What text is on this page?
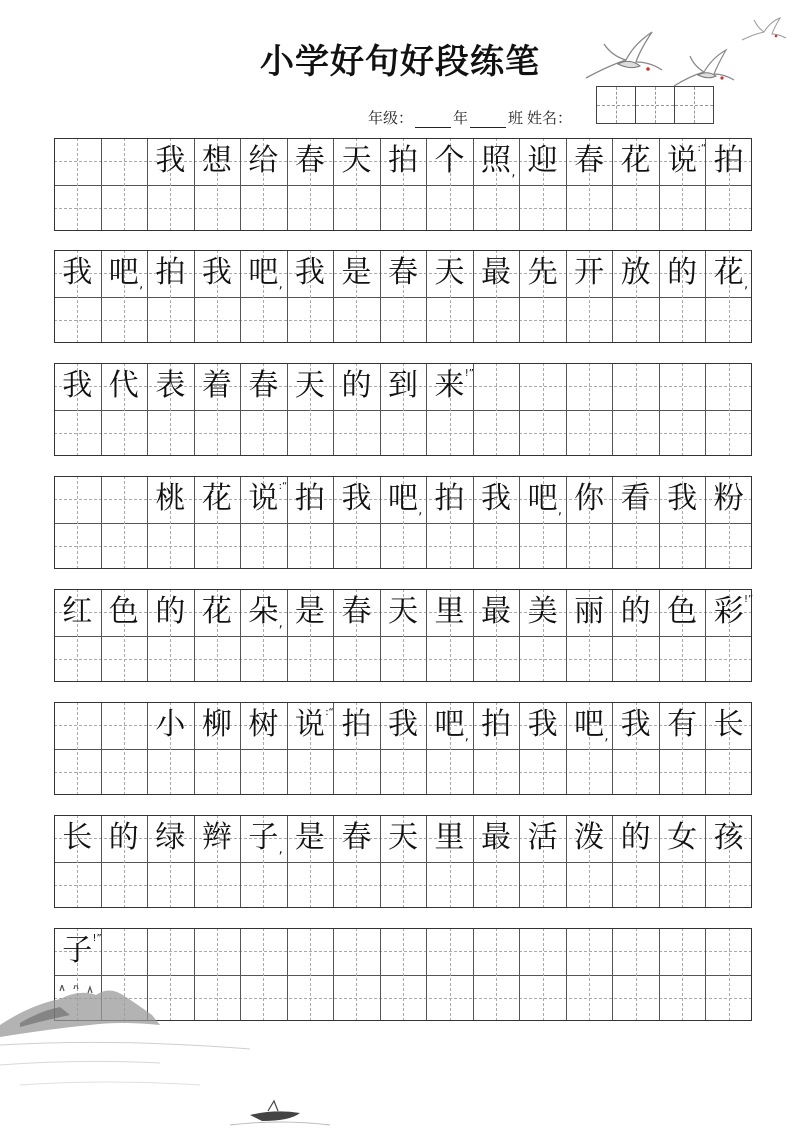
小学好句好段练笔
年级：	年	班 姓名：
我 想 给 春 天 拍 个 照 迎 春 花 说 拍
,
:“
我 吧 拍 我 吧 我 是 春 天 最 先 开 放 的 花
,	,	,
我 代 表 着 春 天 的 到 来 !”
桃 花 说 拍 我 吧 拍 我 吧 你 看 我 粉
:“
,	,
红 色 的 花 朵 是 春 天 里 最 美 丽 的 色 彩
,
!”
小 柳 树 说 拍 我 吧 拍 我 吧 我 有 长
:“
,	,
长 的 绿 辫 子 是 春 天 里 最 活 泼 的 女 孩
,
子 !”
